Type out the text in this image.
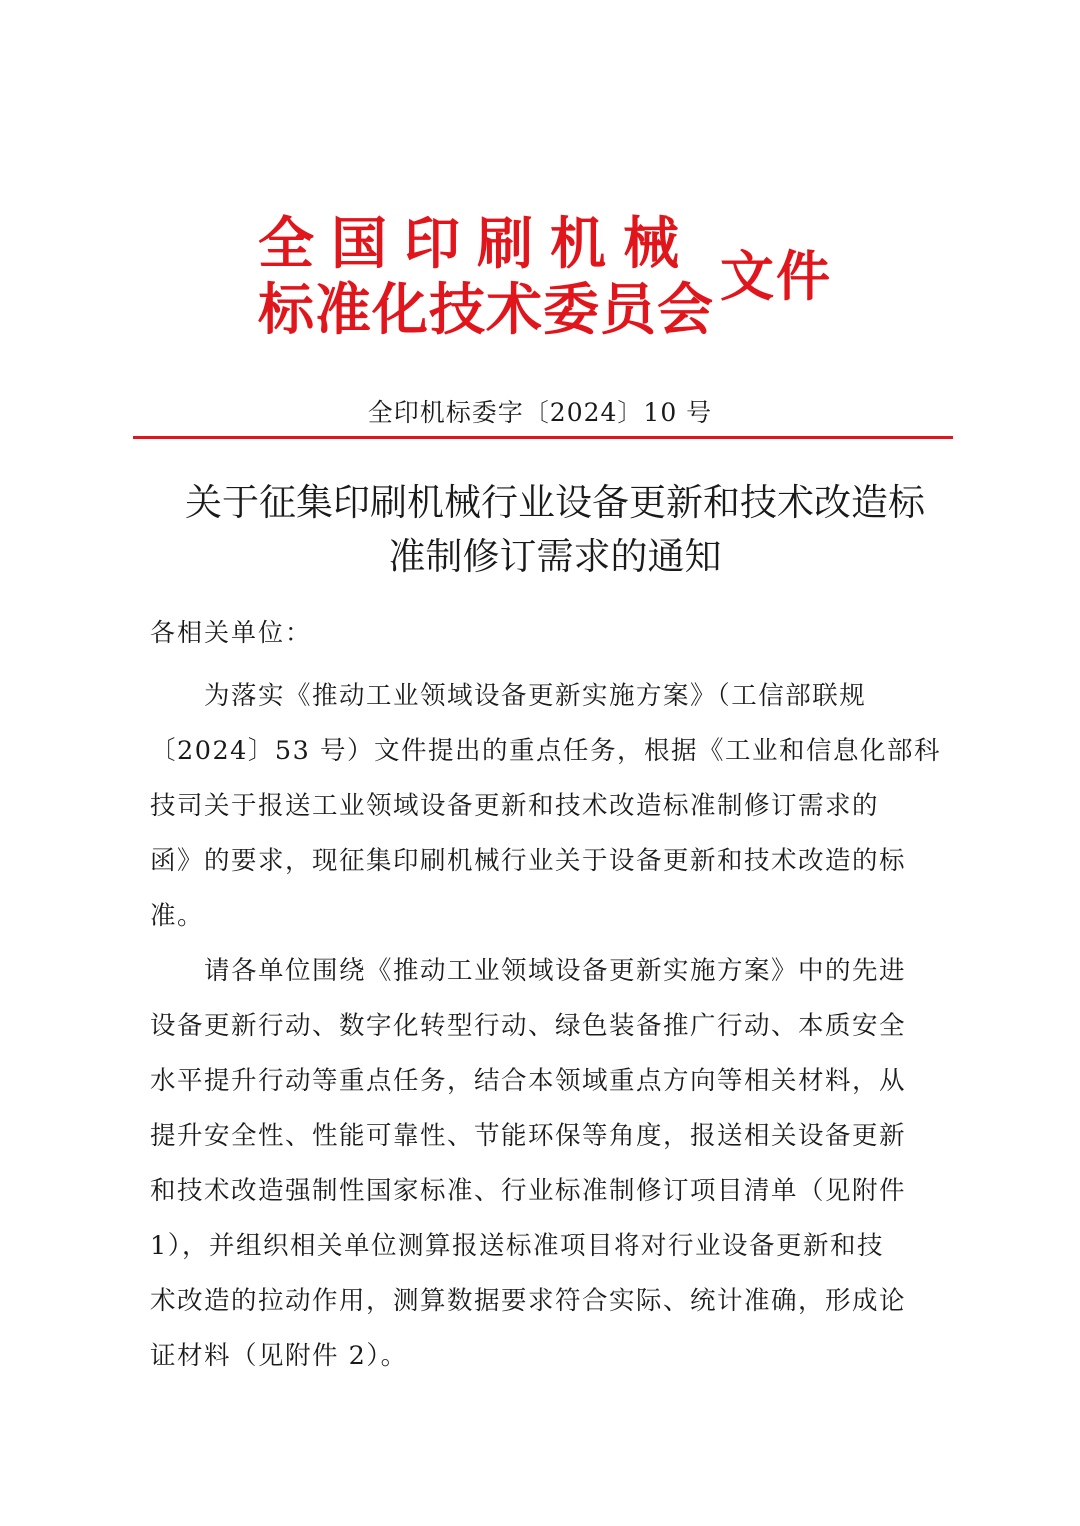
全国印刷机械
标准化技术委员会
文件
全印机标委字〔2024〕10 号
关于征集印刷机械行业设备更新和技术改造标
准制修订需求的通知
各相关单位：
　　为落实《推动工业领域设备更新实施方案》（工信部联规
〔2024〕53 号）文件提出的重点任务，根据《工业和信息化部科
技司关于报送工业领域设备更新和技术改造标准制修订需求的
函》的要求，现征集印刷机械行业关于设备更新和技术改造的标
准。
　　请各单位围绕《推动工业领域设备更新实施方案》中的先进
设备更新行动、数字化转型行动、绿色装备推广行动、本质安全
水平提升行动等重点任务，结合本领域重点方向等相关材料，从
提升安全性、性能可靠性、节能环保等角度，报送相关设备更新
和技术改造强制性国家标准、行业标准制修订项目清单（见附件
1），并组织相关单位测算报送标准项目将对行业设备更新和技
术改造的拉动作用，测算数据要求符合实际、统计准确，形成论
证材料（见附件 2）。
